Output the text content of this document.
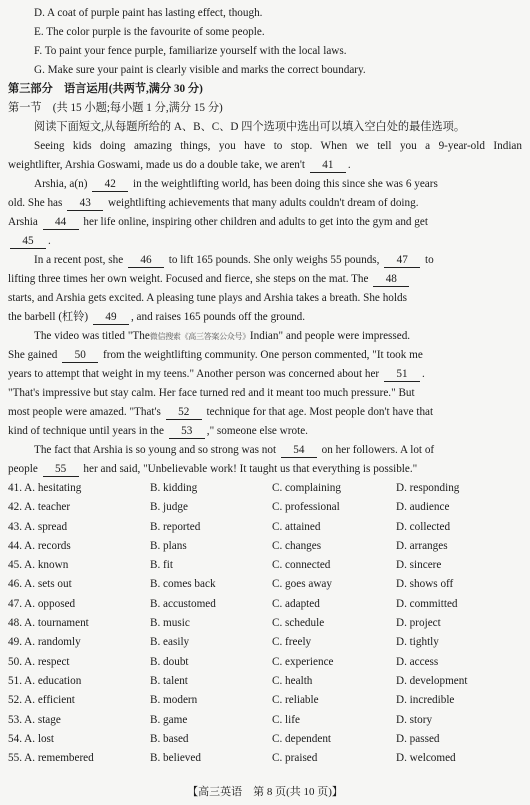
D. A coat of purple paint has lasting effect, though.
E. The color purple is the favourite of some people.
F. To paint your fence purple, familiarize yourself with the local laws.
G. Make sure your paint is clearly visible and marks the correct boundary.
第三部分　语言运用(共两节,满分 30 分)
第一节　(共 15 小题;每小题 1 分,满分 15 分)
阅读下面短文,从每题所给的 A、B、C、D 四个选项中选出可以填入空白处的最佳选项。
Seeing kids doing amazing things, you have to stop. When we tell you a 9-year-old Indian
weightlifter, Arshia Goswami, made us do a double take, we aren't 41 .
Arshia, a(n) 42 in the weightlifting world, has been doing this since she was 6 years
old. She has 43 weightlifting achievements that many adults couldn't dream of doing.
Arshia 44 her life online, inspiring other children and adults to get into the gym and get
45 .
In a recent post, she 46 to lift 165 pounds. She only weighs 55 pounds, 47 to
lifting three times her own weight. Focused and fierce, she steps on the mat. The 48
starts, and Arshia gets excited. A pleasing tune plays and Arshia takes a breath. She holds
the barbell (杠铃) 49 , and raises 165 pounds off the ground.
The video was titled "The微信搜索《高三答案公众号》Indian" and people were impressed.
She gained 50 from the weightlifting community. One person commented, "It took me
years to attempt that weight in my teens." Another person was concerned about her 51 .
"That's impressive but stay calm. Her face turned red and it meant too much pressure." But
most people were amazed. "That's 52 technique for that age. Most people don't have that
kind of technique until years in the 53 ," someone else wrote.
The fact that Arshia is so young and so strong was not 54 on her followers. A lot of
people 55 her and said, "Unbelievable work! It taught us that everything is possible."
41. A. hesitating	B. kidding	C. complaining	D. responding
42. A. teacher	B. judge	C. professional	D. audience
43. A. spread	B. reported	C. attained	D. collected
44. A. records	B. plans	C. changes	D. arranges
45. A. known	B. fit	C. connected	D. sincere
46. A. sets out	B. comes back	C. goes away	D. shows off
47. A. opposed	B. accustomed	C. adapted	D. committed
48. A. tournament	B. music	C. schedule	D. project
49. A. randomly	B. easily	C. freely	D. tightly
50. A. respect	B. doubt	C. experience	D. access
51. A. education	B. talent	C. health	D. development
52. A. efficient	B. modern	C. reliable	D. incredible
53. A. stage	B. game	C. life	D. story
54. A. lost	B. based	C. dependent	D. passed
55. A. remembered	B. believed	C. praised	D. welcomed
【高三英语　第 8 页(共 10 页)】
